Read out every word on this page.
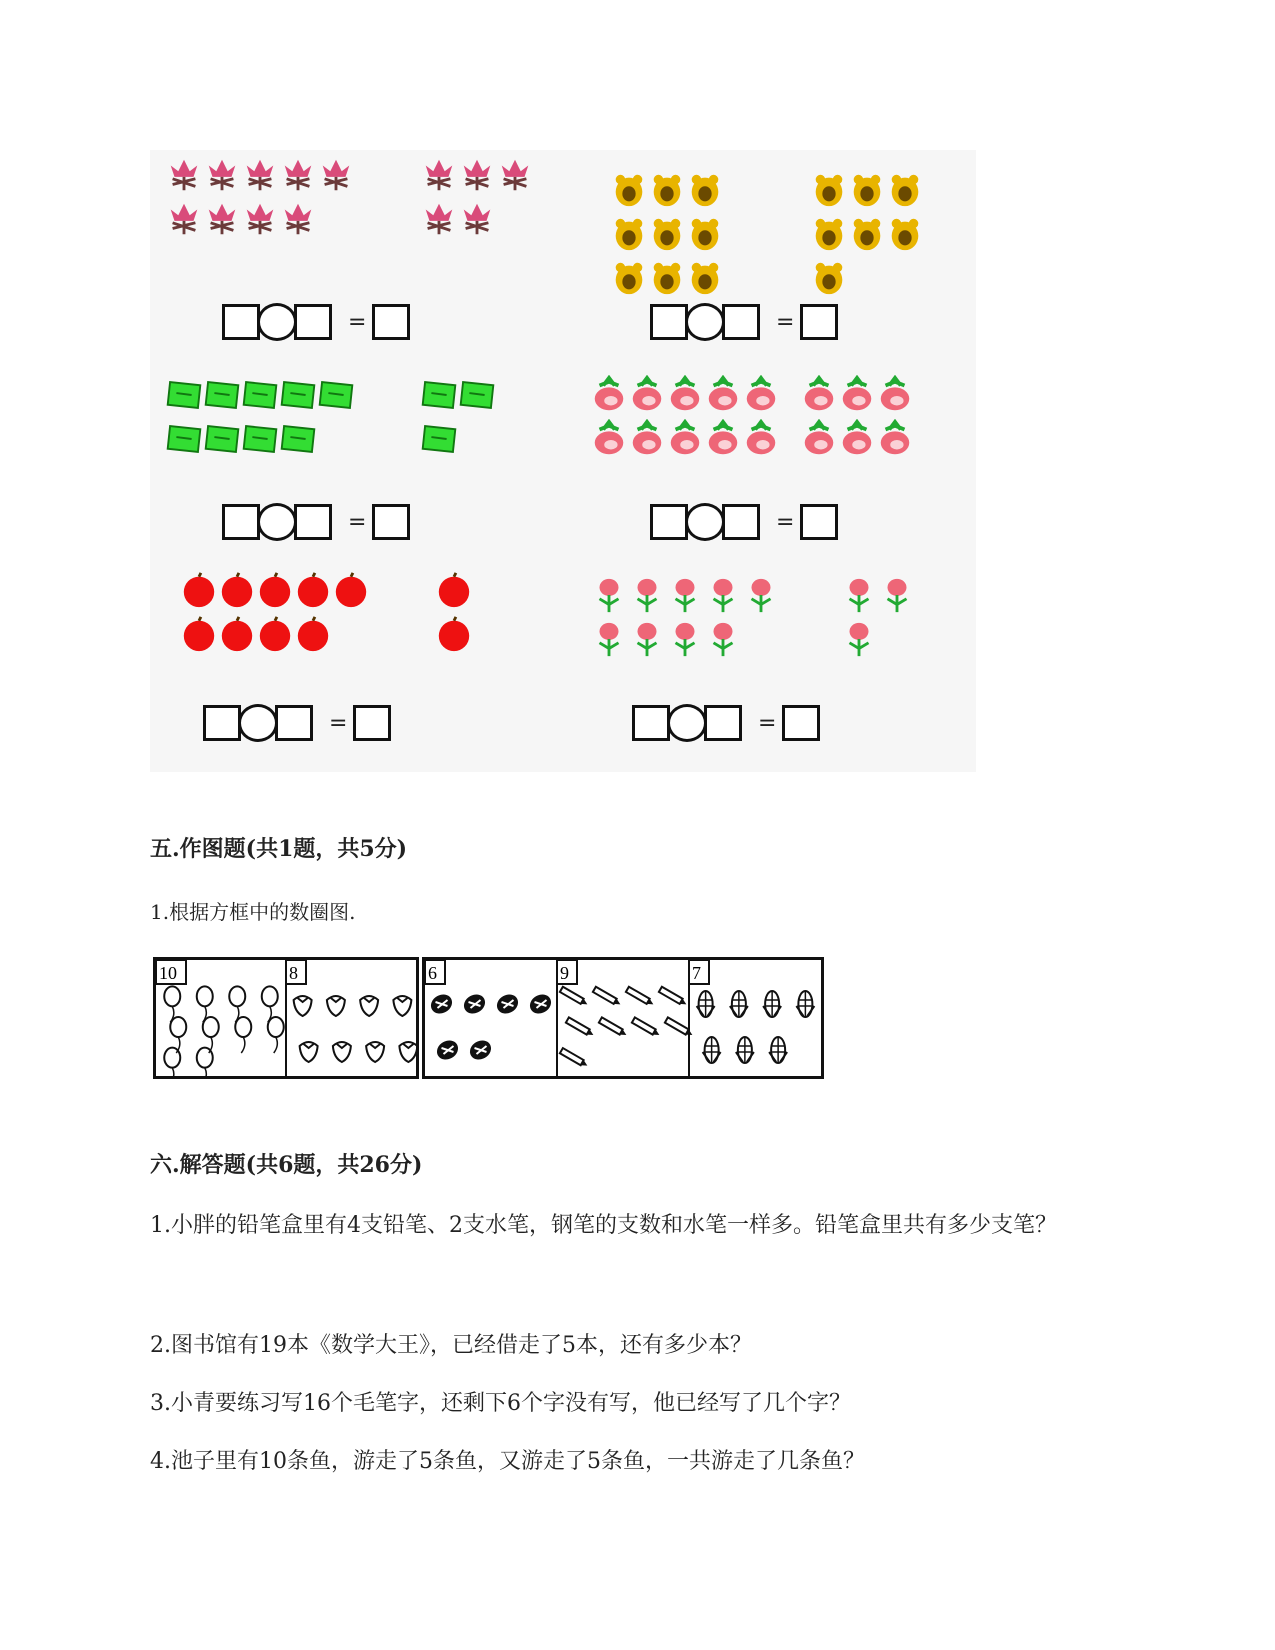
=	=
=	=
=	=
五.作图题(共1题，共5分)

1.根据方框中的数圈图.

10	8	6	9	7
六.解答题(共6题，共26分)

1.小胖的铅笔盒里有4支铅笔、2支水笔，钢笔的支数和水笔一样多。铅笔盒里共有多少支笔？

2.图书馆有19本《数学大王》，已经借走了5本，还有多少本？

3.小青要练习写16个毛笔字，还剩下6个字没有写，他已经写了几个字？

4.池子里有10条鱼，游走了5条鱼，又游走了5条鱼，一共游走了几条鱼？
